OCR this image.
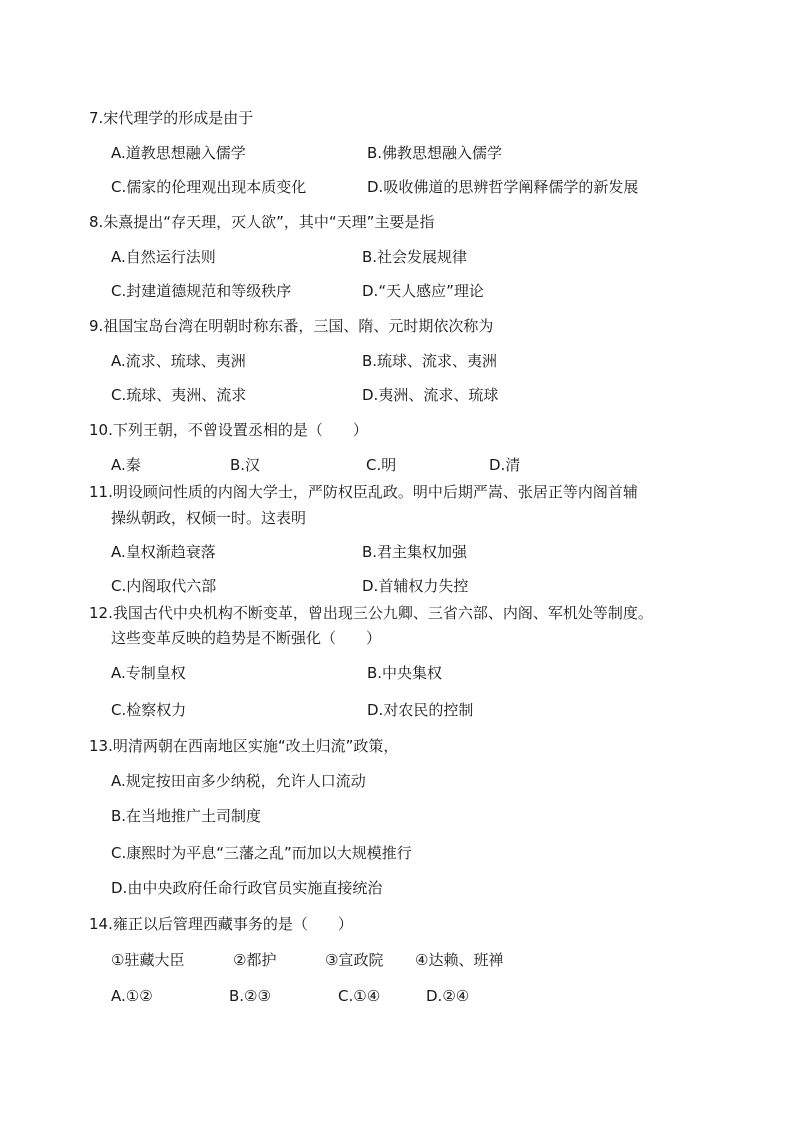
7.宋代理学的形成是由于
A.道教思想融入儒学	B.佛教思想融入儒学
C.儒家的伦理观出现本质变化	D.吸收佛道的思辨哲学阐释儒学的新发展
8.朱熹提出“存天理，灭人欲”，其中“天理”主要是指
A.自然运行法则	B.社会发展规律
C.封建道德规范和等级秩序	D.“天人感应”理论
9.祖国宝岛台湾在明朝时称东番，三国、隋、元时期依次称为
A.流求、琉球、夷洲	B.琉球、流求、夷洲
C.琉球、夷洲、流求	D.夷洲、流求、琉球
10.下列王朝，不曾设置丞相的是（　　）
A.秦	B.汉	C.明	D.清
11.明设顾问性质的内阁大学士，严防权臣乱政。明中后期严嵩、张居正等内阁首辅
操纵朝政，权倾一时。这表明
A.皇权渐趋衰落	B.君主集权加强
C.内阁取代六部	D.首辅权力失控
12.我国古代中央机构不断变革，曾出现三公九卿、三省六部、内阁、军机处等制度。
这些变革反映的趋势是不断强化（　　）
A.专制皇权	B.中央集权
C.检察权力	D.对农民的控制
13.明清两朝在西南地区实施“改土归流”政策，
A.规定按田亩多少纳税，允许人口流动
B.在当地推广土司制度
C.康熙时为平息“三藩之乱”而加以大规模推行
D.由中央政府任命行政官员实施直接统治
14.雍正以后管理西藏事务的是（　　）
①驻藏大臣	②都护	③宣政院 ④达赖、班禅
A.①②	B.②③	C.①④	D.②④
